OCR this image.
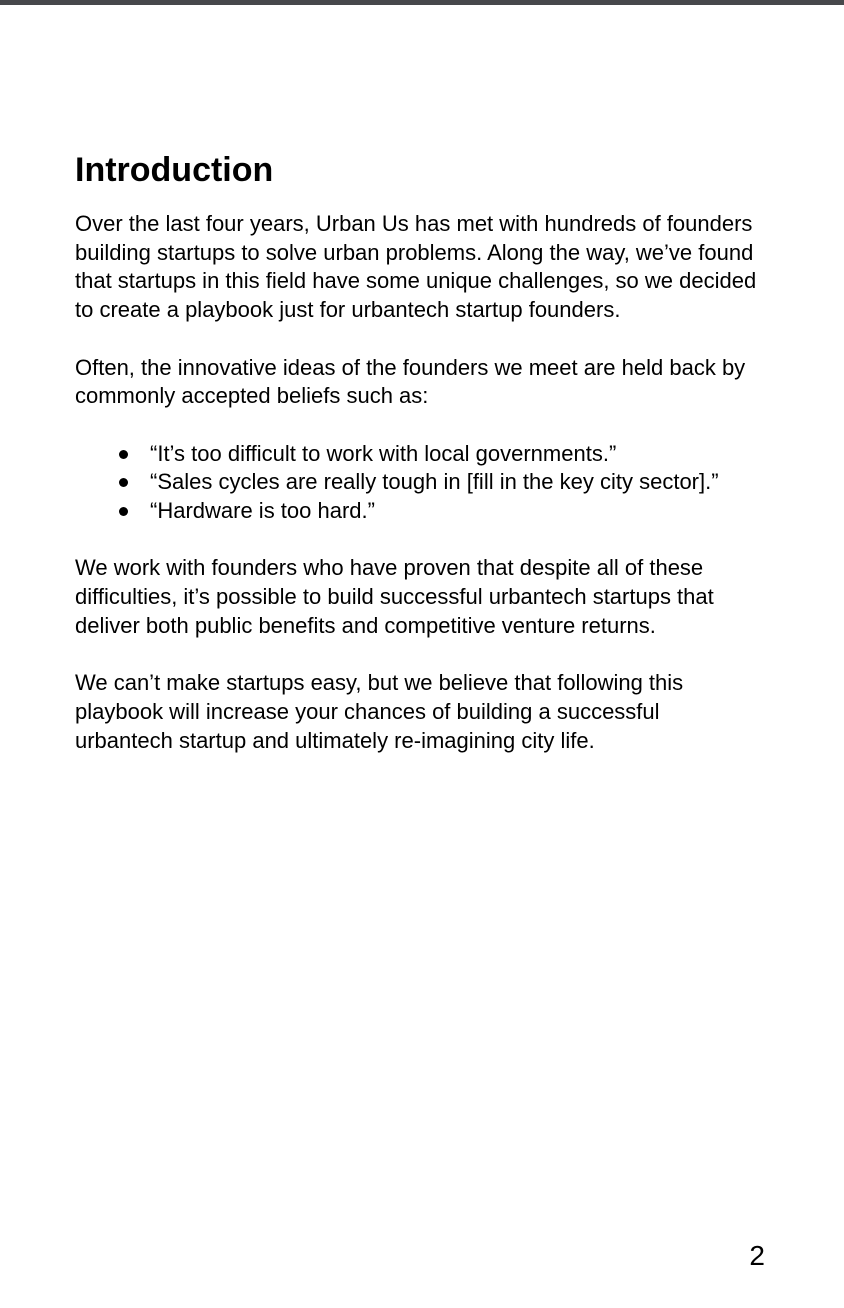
Introduction

Over the last four years, Urban Us has met with hundreds of founders building startups to solve urban problems. Along the way, we’ve found that startups in this field have some unique challenges, so we decided to create a playbook just for urbantech startup founders.

Often, the innovative ideas of the founders we meet are held back by commonly accepted beliefs such as:

“It’s too difficult to work with local governments.”
“Sales cycles are really tough in [fill in the key city sector].”
“Hardware is too hard.”

We work with founders who have proven that despite all of these difficulties, it’s possible to build successful urbantech startups that deliver both public benefits and competitive venture returns.

We can’t make startups easy, but we believe that following this playbook will increase your chances of building a successful urbantech startup and ultimately re-imagining city life.

2
